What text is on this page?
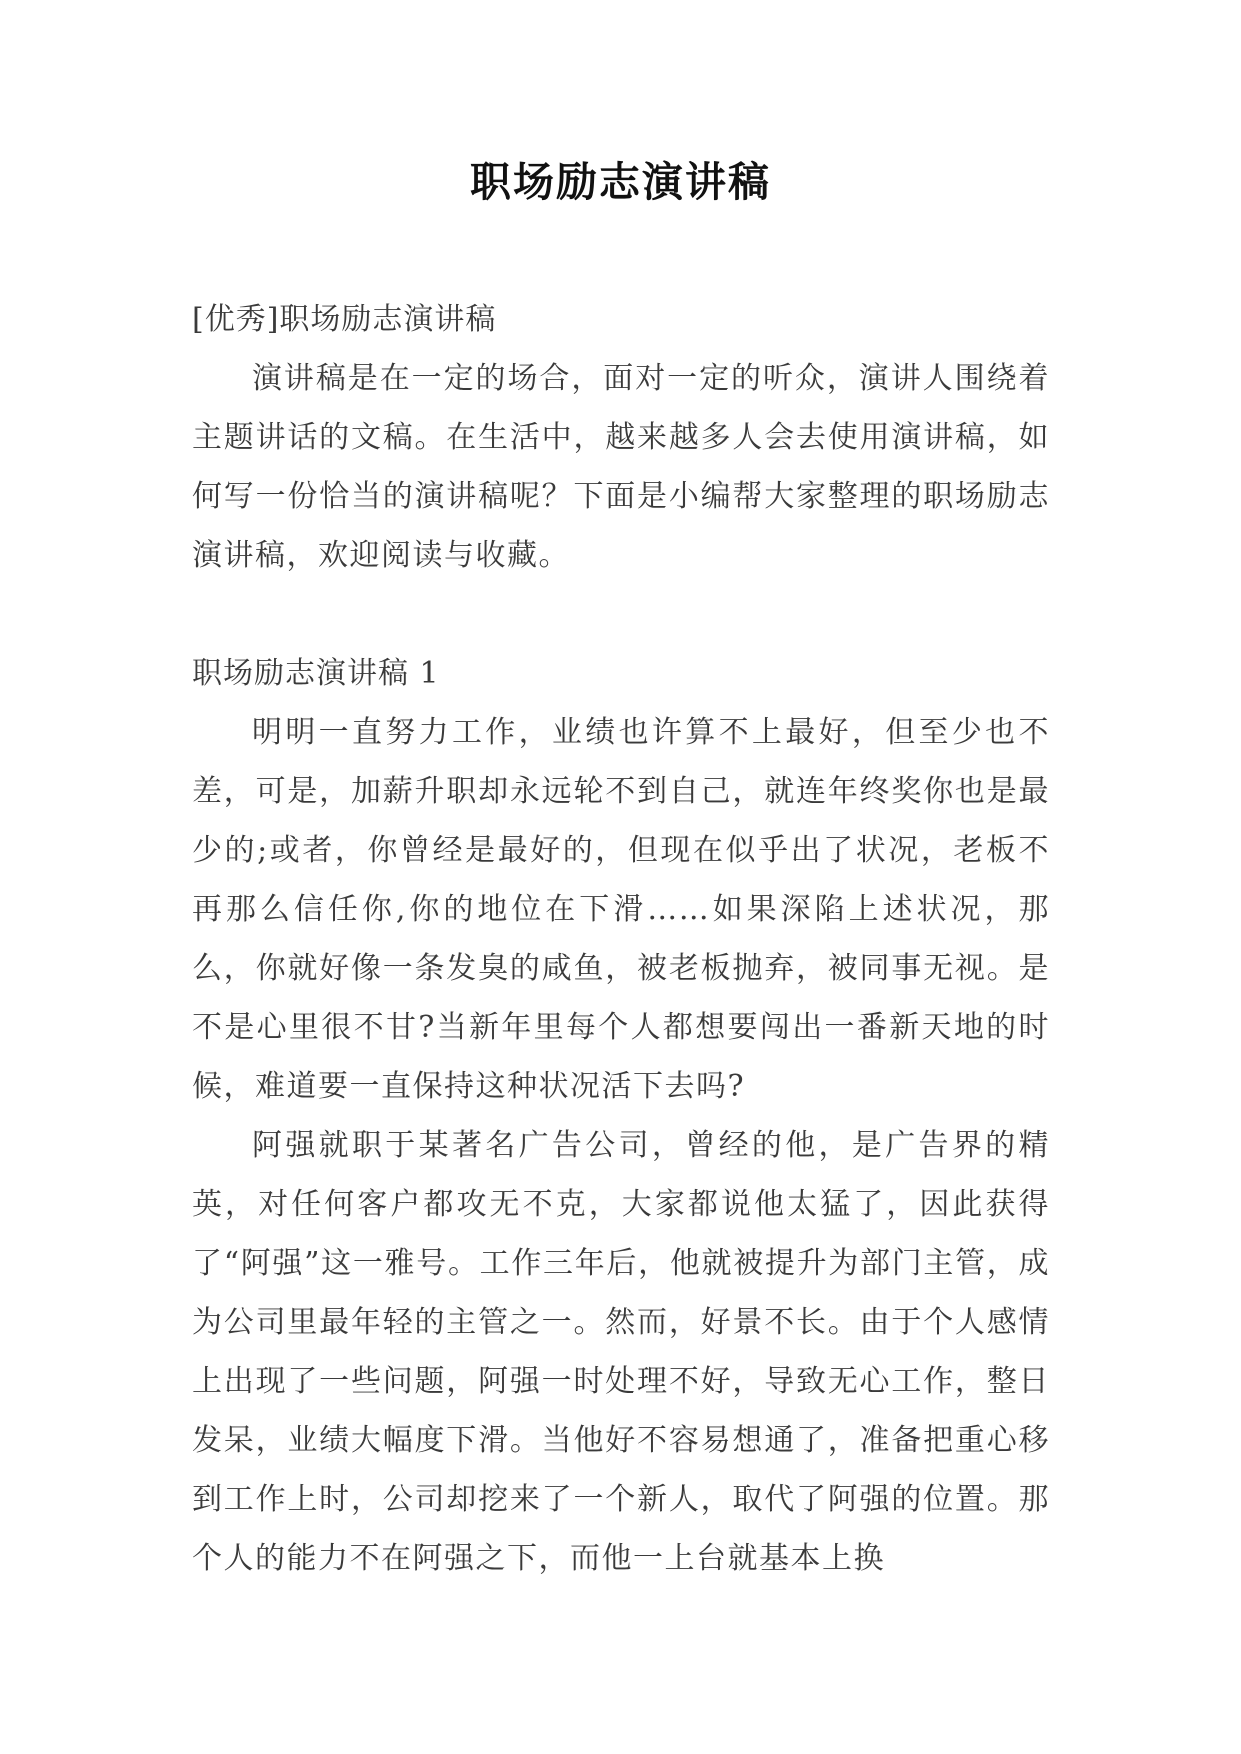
职场励志演讲稿

[优秀]职场励志演讲稿

演讲稿是在一定的场合，面对一定的听众，演讲人围绕着主题讲话的文稿。在生活中，越来越多人会去使用演讲稿，如何写一份恰当的演讲稿呢？下面是小编帮大家整理的职场励志演讲稿，欢迎阅读与收藏。

职场励志演讲稿 1

明明一直努力工作，业绩也许算不上最好，但至少也不差，可是，加薪升职却永远轮不到自己，就连年终奖你也是最少的;或者，你曾经是最好的，但现在似乎出了状况，老板不再那么信任你,你的地位在下滑……如果深陷上述状况，那么，你就好像一条发臭的咸鱼，被老板抛弃，被同事无视。是不是心里很不甘?当新年里每个人都想要闯出一番新天地的时候，难道要一直保持这种状况活下去吗?

阿强就职于某著名广告公司，曾经的他，是广告界的精英，对任何客户都攻无不克，大家都说他太猛了，因此获得了“阿强”这一雅号。工作三年后，他就被提升为部门主管，成为公司里最年轻的主管之一。然而，好景不长。由于个人感情上出现了一些问题，阿强一时处理不好，导致无心工作，整日发呆，业绩大幅度下滑。当他好不容易想通了，准备把重心移到工作上时，公司却挖来了一个新人，取代了阿强的位置。那个人的能力不在阿强之下，而他一上台就基本上换
